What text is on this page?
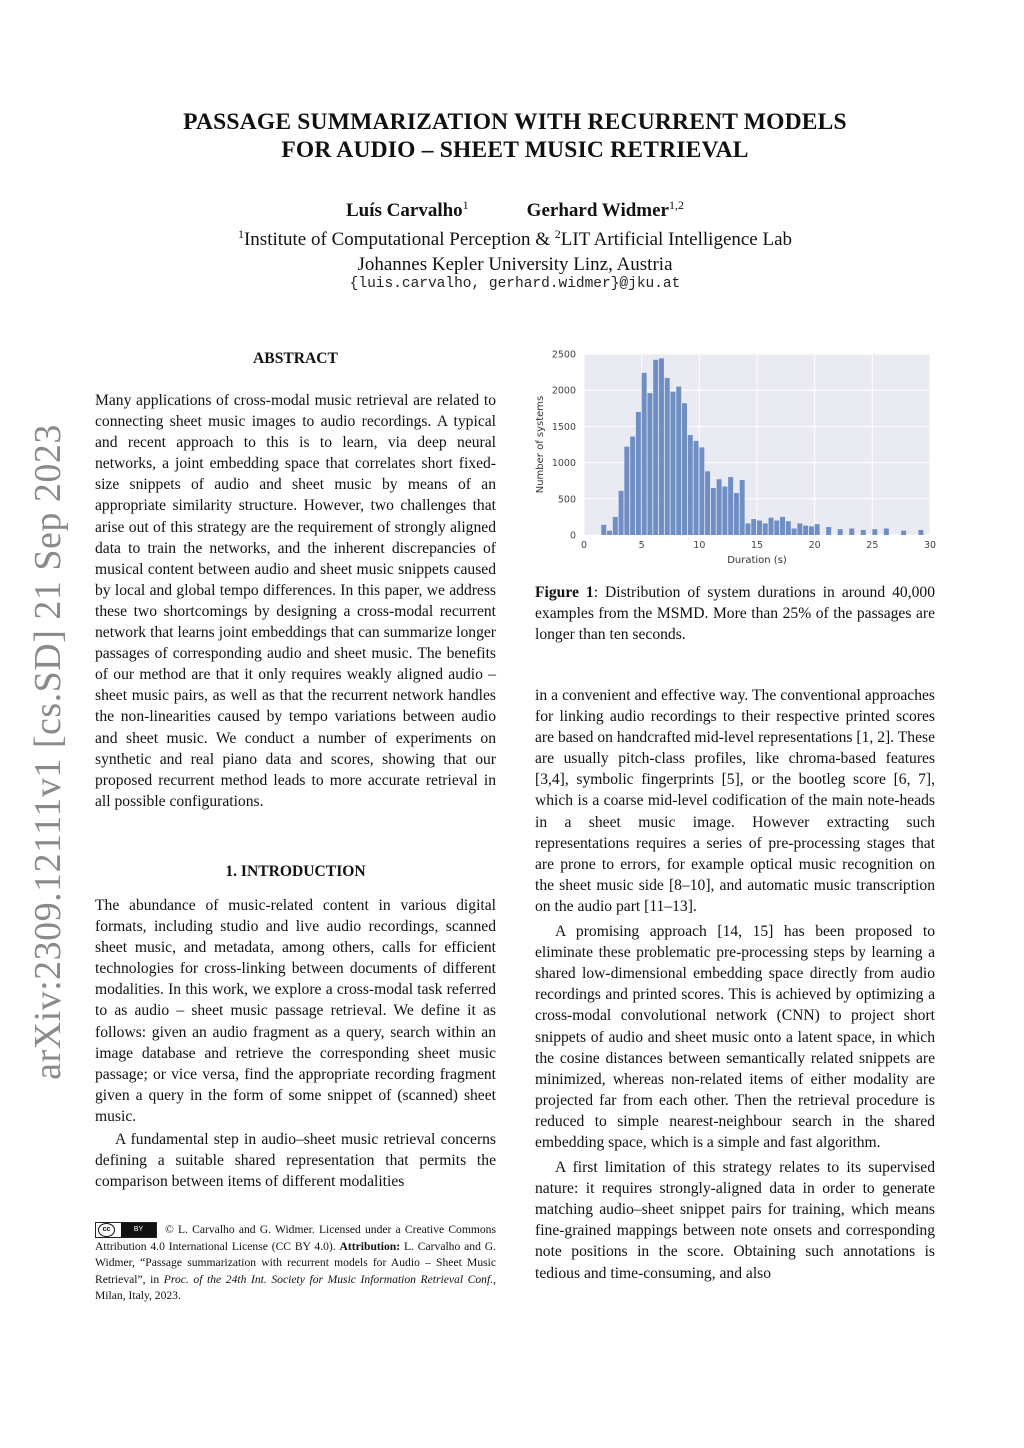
arXiv:2309.12111v1 [cs.SD] 21 Sep 2023
PASSAGE SUMMARIZATION WITH RECURRENT MODELS
FOR AUDIO – SHEET MUSIC RETRIEVAL
Luís Carvalho$^1$	Gerhard Widmer$^{1,2}$
$^1$Institute of Computational Perception & $^2$LIT Artificial Intelligence Lab
Johannes Kepler University Linz, Austria
{luis.carvalho, gerhard.widmer}@jku.at
ABSTRACT

Many applications of cross-modal music retrieval are related to connecting sheet music images to audio recordings. A typical and recent approach to this is to learn, via deep neural networks, a joint embedding space that correlates short fixed-size snippets of audio and sheet music by means of an appropriate similarity structure. However, two challenges that arise out of this strategy are the requirement of strongly aligned data to train the networks, and the inherent discrepancies of musical content between audio and sheet music snippets caused by local and global tempo differences. In this paper, we address these two shortcomings by designing a cross-modal recurrent network that learns joint embeddings that can summarize longer passages of corresponding audio and sheet music. The benefits of our method are that it only requires weakly aligned audio – sheet music pairs, as well as that the recurrent network handles the non-linearities caused by tempo variations between audio and sheet music. We conduct a number of experiments on synthetic and real piano data and scores, showing that our proposed recurrent method leads to more accurate retrieval in all possible configurations.

1. INTRODUCTION

The abundance of music-related content in various digital formats, including studio and live audio recordings, scanned sheet music, and metadata, among others, calls for efficient technologies for cross-linking between documents of different modalities. In this work, we explore a cross-modal task referred to as audio – sheet music passage retrieval. We define it as follows: given an audio fragment as a query, search within an image database and retrieve the corresponding sheet music passage; or vice versa, find the appropriate recording fragment given a query in the form of some snippet of (scanned) sheet music.

A fundamental step in audio–sheet music retrieval concerns defining a suitable shared representation that permits the comparison between items of different modalities

0	5	10	15	20	25	30
0
500
1000
1500
2000
2500
Duration (s)
Number of systems
Figure 1: Distribution of system durations in around 40,000 examples from the MSMD. More than 25% of the passages are longer than ten seconds.

in a convenient and effective way. The conventional approaches for linking audio recordings to their respective printed scores are based on handcrafted mid-level representations [1, 2]. These are usually pitch-class profiles, like chroma-based features [3,4], symbolic fingerprints [5], or the bootleg score [6, 7], which is a coarse mid-level codification of the main note-heads in a sheet music image. However extracting such representations requires a series of pre-processing stages that are prone to errors, for example optical music recognition on the sheet music side [8–10], and automatic music transcription on the audio part [11–13].

A promising approach [14, 15] has been proposed to eliminate these problematic pre-processing steps by learning a shared low-dimensional embedding space directly from audio recordings and printed scores. This is achieved by optimizing a cross-modal convolutional network (CNN) to project short snippets of audio and sheet music onto a latent space, in which the cosine distances between semantically related snippets are minimized, whereas non-related items of either modality are projected far from each other. Then the retrieval procedure is reduced to simple nearest-neighbour search in the shared embedding space, which is a simple and fast algorithm.

A first limitation of this strategy relates to its supervised nature: it requires strongly-aligned data in order to generate matching audio–sheet snippet pairs for training, which means fine-grained mappings between note onsets and corresponding note positions in the score. Obtaining such annotations is tedious and time-consuming, and also

cc	BY	© L. Carvalho and G. Widmer. Licensed under a Creative Commons Attribution 4.0 International License (CC BY 4.0). Attribution: L. Carvalho and G. Widmer, “Passage summarization with recurrent models for Audio – Sheet Music Retrieval”, in Proc. of the 24th Int. Society for Music Information Retrieval Conf., Milan, Italy, 2023.
